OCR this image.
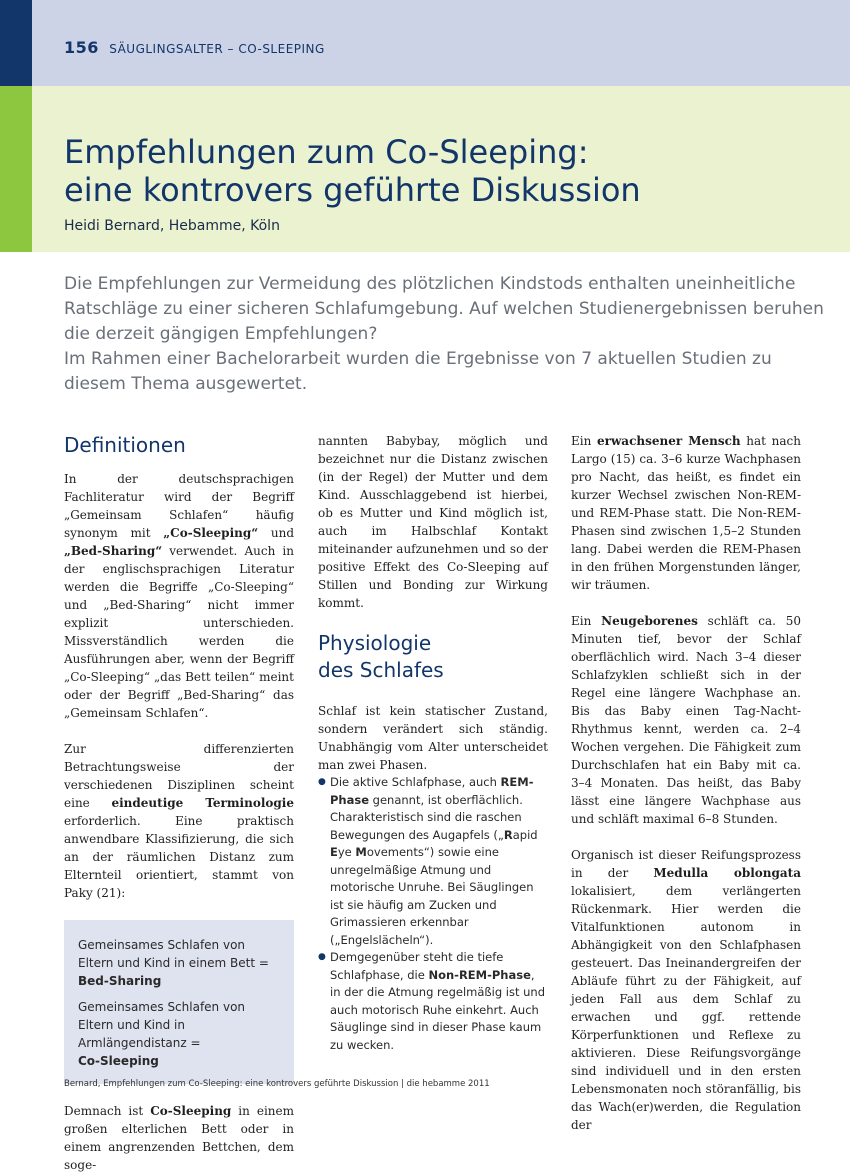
156 SÄUGLINGSALTER – CO-SLEEPING
Empfehlungen zum Co-Sleeping:
eine kontrovers geführte Diskussion
Heidi Bernard, Hebamme, Köln

Die Empfehlungen zur Vermeidung des plötzlichen Kindstods enthalten uneinheitliche Ratschläge zu einer sicheren Schlafumgebung. Auf welchen Studienergebnissen beruhen die derzeit gängigen Empfehlungen?

Im Rahmen einer Bachelorarbeit wurden die Ergebnisse von 7 aktuellen Studien zu diesem Thema ausgewertet.

Definitionen

In der deutschsprachigen Fachliteratur wird der Begriff „Gemeinsam Schlafen“ häufig synonym mit „Co-Sleeping“ und „Bed-Sharing“ verwendet. Auch in der englischsprachigen Literatur werden die Begriffe „Co-Sleeping“ und „Bed-Sharing“ nicht immer explizit unterschieden. Missverständlich werden die Ausführungen aber, wenn der Begriff „Co-Sleeping“ „das Bett teilen“ meint oder der Begriff „Bed-Sharing“ das „Gemeinsam Schlafen“.

Zur differenzierten Betrachtungsweise der verschiedenen Disziplinen scheint eine eindeutige Terminologie erforderlich. Eine praktisch anwendbare Klassifizierung, die sich an der räumlichen Distanz zum Elternteil orientiert, stammt von Paky (21):

Gemeinsames Schlafen von Eltern und Kind in einem Bett =
Bed-Sharing

Gemeinsames Schlafen von Eltern und Kind in Armlängendistanz =
Co-Sleeping

Demnach ist Co-Sleeping in einem großen elterlichen Bett oder in einem angrenzenden Bettchen, dem soge-

nannten Babybay, möglich und bezeichnet nur die Distanz zwischen (in der Regel) der Mutter und dem Kind. Ausschlaggebend ist hierbei, ob es Mutter und Kind möglich ist, auch im Halbschlaf Kontakt miteinander aufzunehmen und so der positive Effekt des Co-Sleeping auf Stillen und Bonding zur Wirkung kommt.

Physiologie
des Schlafes

Schlaf ist kein statischer Zustand, sondern verändert sich ständig. Unabhängig vom Alter unterscheidet man zwei Phasen.

● Die aktive Schlafphase, auch REM-Phase genannt, ist oberflächlich. Charakteristisch sind die raschen Bewegungen des Augapfels („Rapid Eye Movements“) sowie eine unregelmäßige Atmung und motorische Unruhe. Bei Säuglingen ist sie häufig am Zucken und Grimassieren erkennbar („Engelslächeln“).
● Demgegenüber steht die tiefe Schlafphase, die Non-REM-Phase, in der die Atmung regelmäßig ist und auch motorisch Ruhe einkehrt. Auch Säuglinge sind in dieser Phase kaum zu wecken.

Ein erwachsener Mensch hat nach Largo (15) ca. 3–6 kurze Wachphasen pro Nacht, das heißt, es findet ein kurzer Wechsel zwischen Non-REM- und REM-Phase statt. Die Non-REM-Phasen sind zwischen 1,5–2 Stunden lang. Dabei werden die REM-Phasen in den frühen Morgenstunden länger, wir träumen.

Ein Neugeborenes schläft ca. 50 Minuten tief, bevor der Schlaf oberflächlich wird. Nach 3–4 dieser Schlafzyklen schließt sich in der Regel eine längere Wachphase an. Bis das Baby einen Tag-Nacht-Rhythmus kennt, werden ca. 2–4 Wochen vergehen. Die Fähigkeit zum Durchschlafen hat ein Baby mit ca. 3–4 Monaten. Das heißt, das Baby lässt eine längere Wachphase aus und schläft maximal 6–8 Stunden.

Organisch ist dieser Reifungsprozess in der Medulla oblongata lokalisiert, dem verlängerten Rückenmark. Hier werden die Vitalfunktionen autonom in Abhängigkeit von den Schlafphasen gesteuert. Das Ineinandergreifen der Abläufe führt zu der Fähigkeit, auf jeden Fall aus dem Schlaf zu erwachen und ggf. rettende Körperfunktionen und Reflexe zu aktivieren. Diese Reifungsvorgänge sind individuell und in den ersten Lebensmonaten noch störanfällig, bis das Wach(er)werden, die Regulation der

Bernard, Empfehlungen zum Co-Sleeping: eine kontrovers geführte Diskussion | die hebamme 2011
